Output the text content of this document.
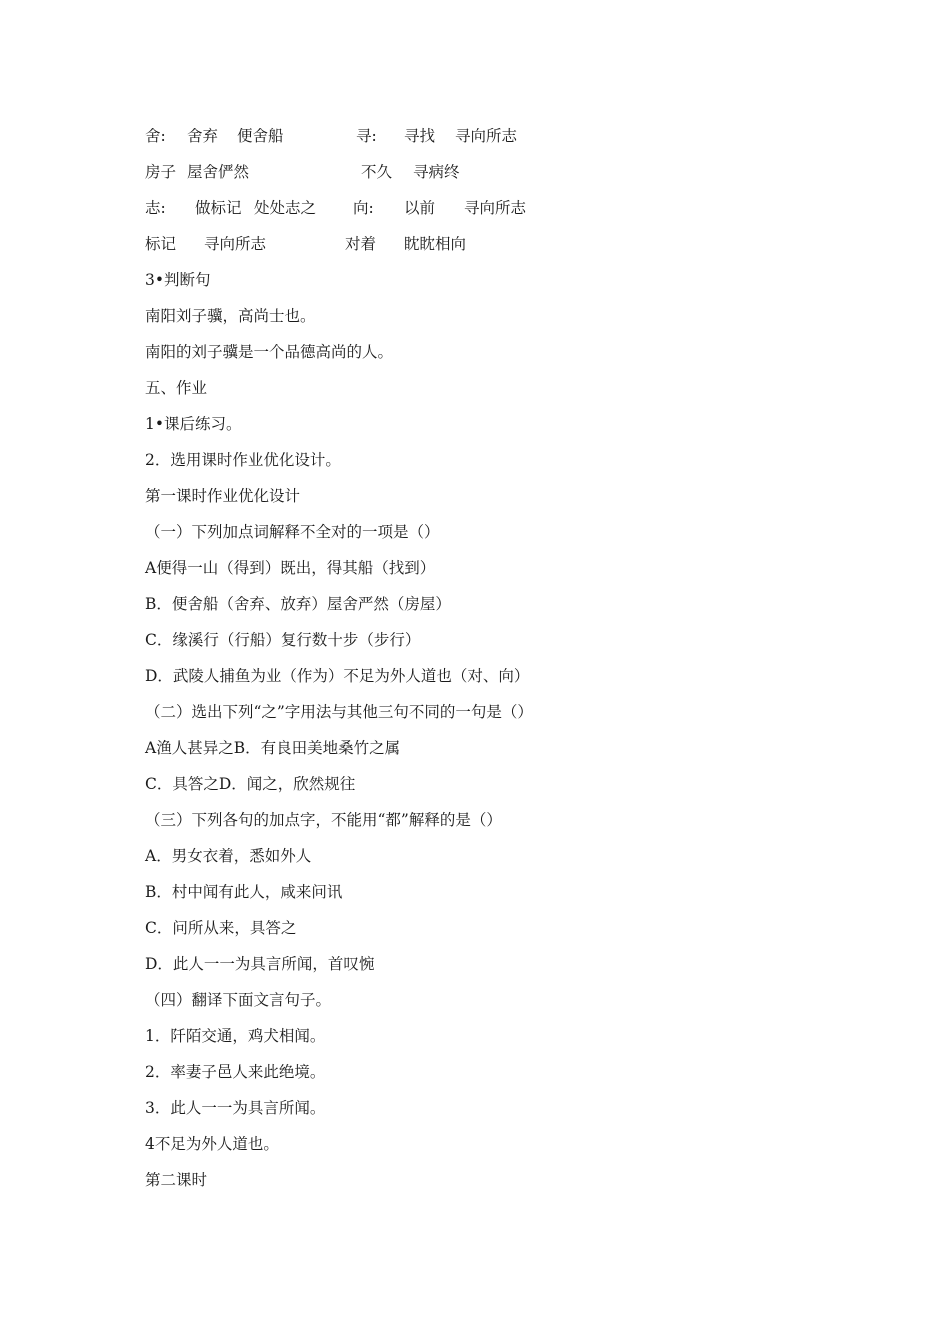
舍: 舍弃 便舍船	寻: 寻找 寻向所志
房子 屋舍俨然	不久 寻病终
志: 做标记 处处志之 向: 以前 寻向所志
标记 寻向所志	对着 眈眈相向
3•判断句
南阳刘子骥，高尚士也。
南阳的刘子骥是一个品德高尚的人。
五、作业
1•课后练习。
2．选用课时作业优化设计。
第一课时作业优化设计
（一）下列加点词解释不全对的一项是（）
A便得一山（得到）既出，得其船（找到）
B．便舍船（舍弃、放弃）屋舍严然（房屋）
C．缘溪行（行船）复行数十步（步行）
D．武陵人捕鱼为业（作为）不足为外人道也（对、向）
（二）选出下列“之”字用法与其他三句不同的一句是（）
A渔人甚异之B．有良田美地桑竹之属
C．具答之D．闻之，欣然规往
（三）下列各句的加点字，不能用“都”解释的是（）
A．男女衣着，悉如外人
B．村中闻有此人，咸来问讯
C．问所从来，具答之
D．此人一一为具言所闻，首叹惋
（四）翻译下面文言句子。
1．阡陌交通，鸡犬相闻。
2．率妻子邑人来此绝境。
3．此人一一为具言所闻。
4不足为外人道也。
第二课时
